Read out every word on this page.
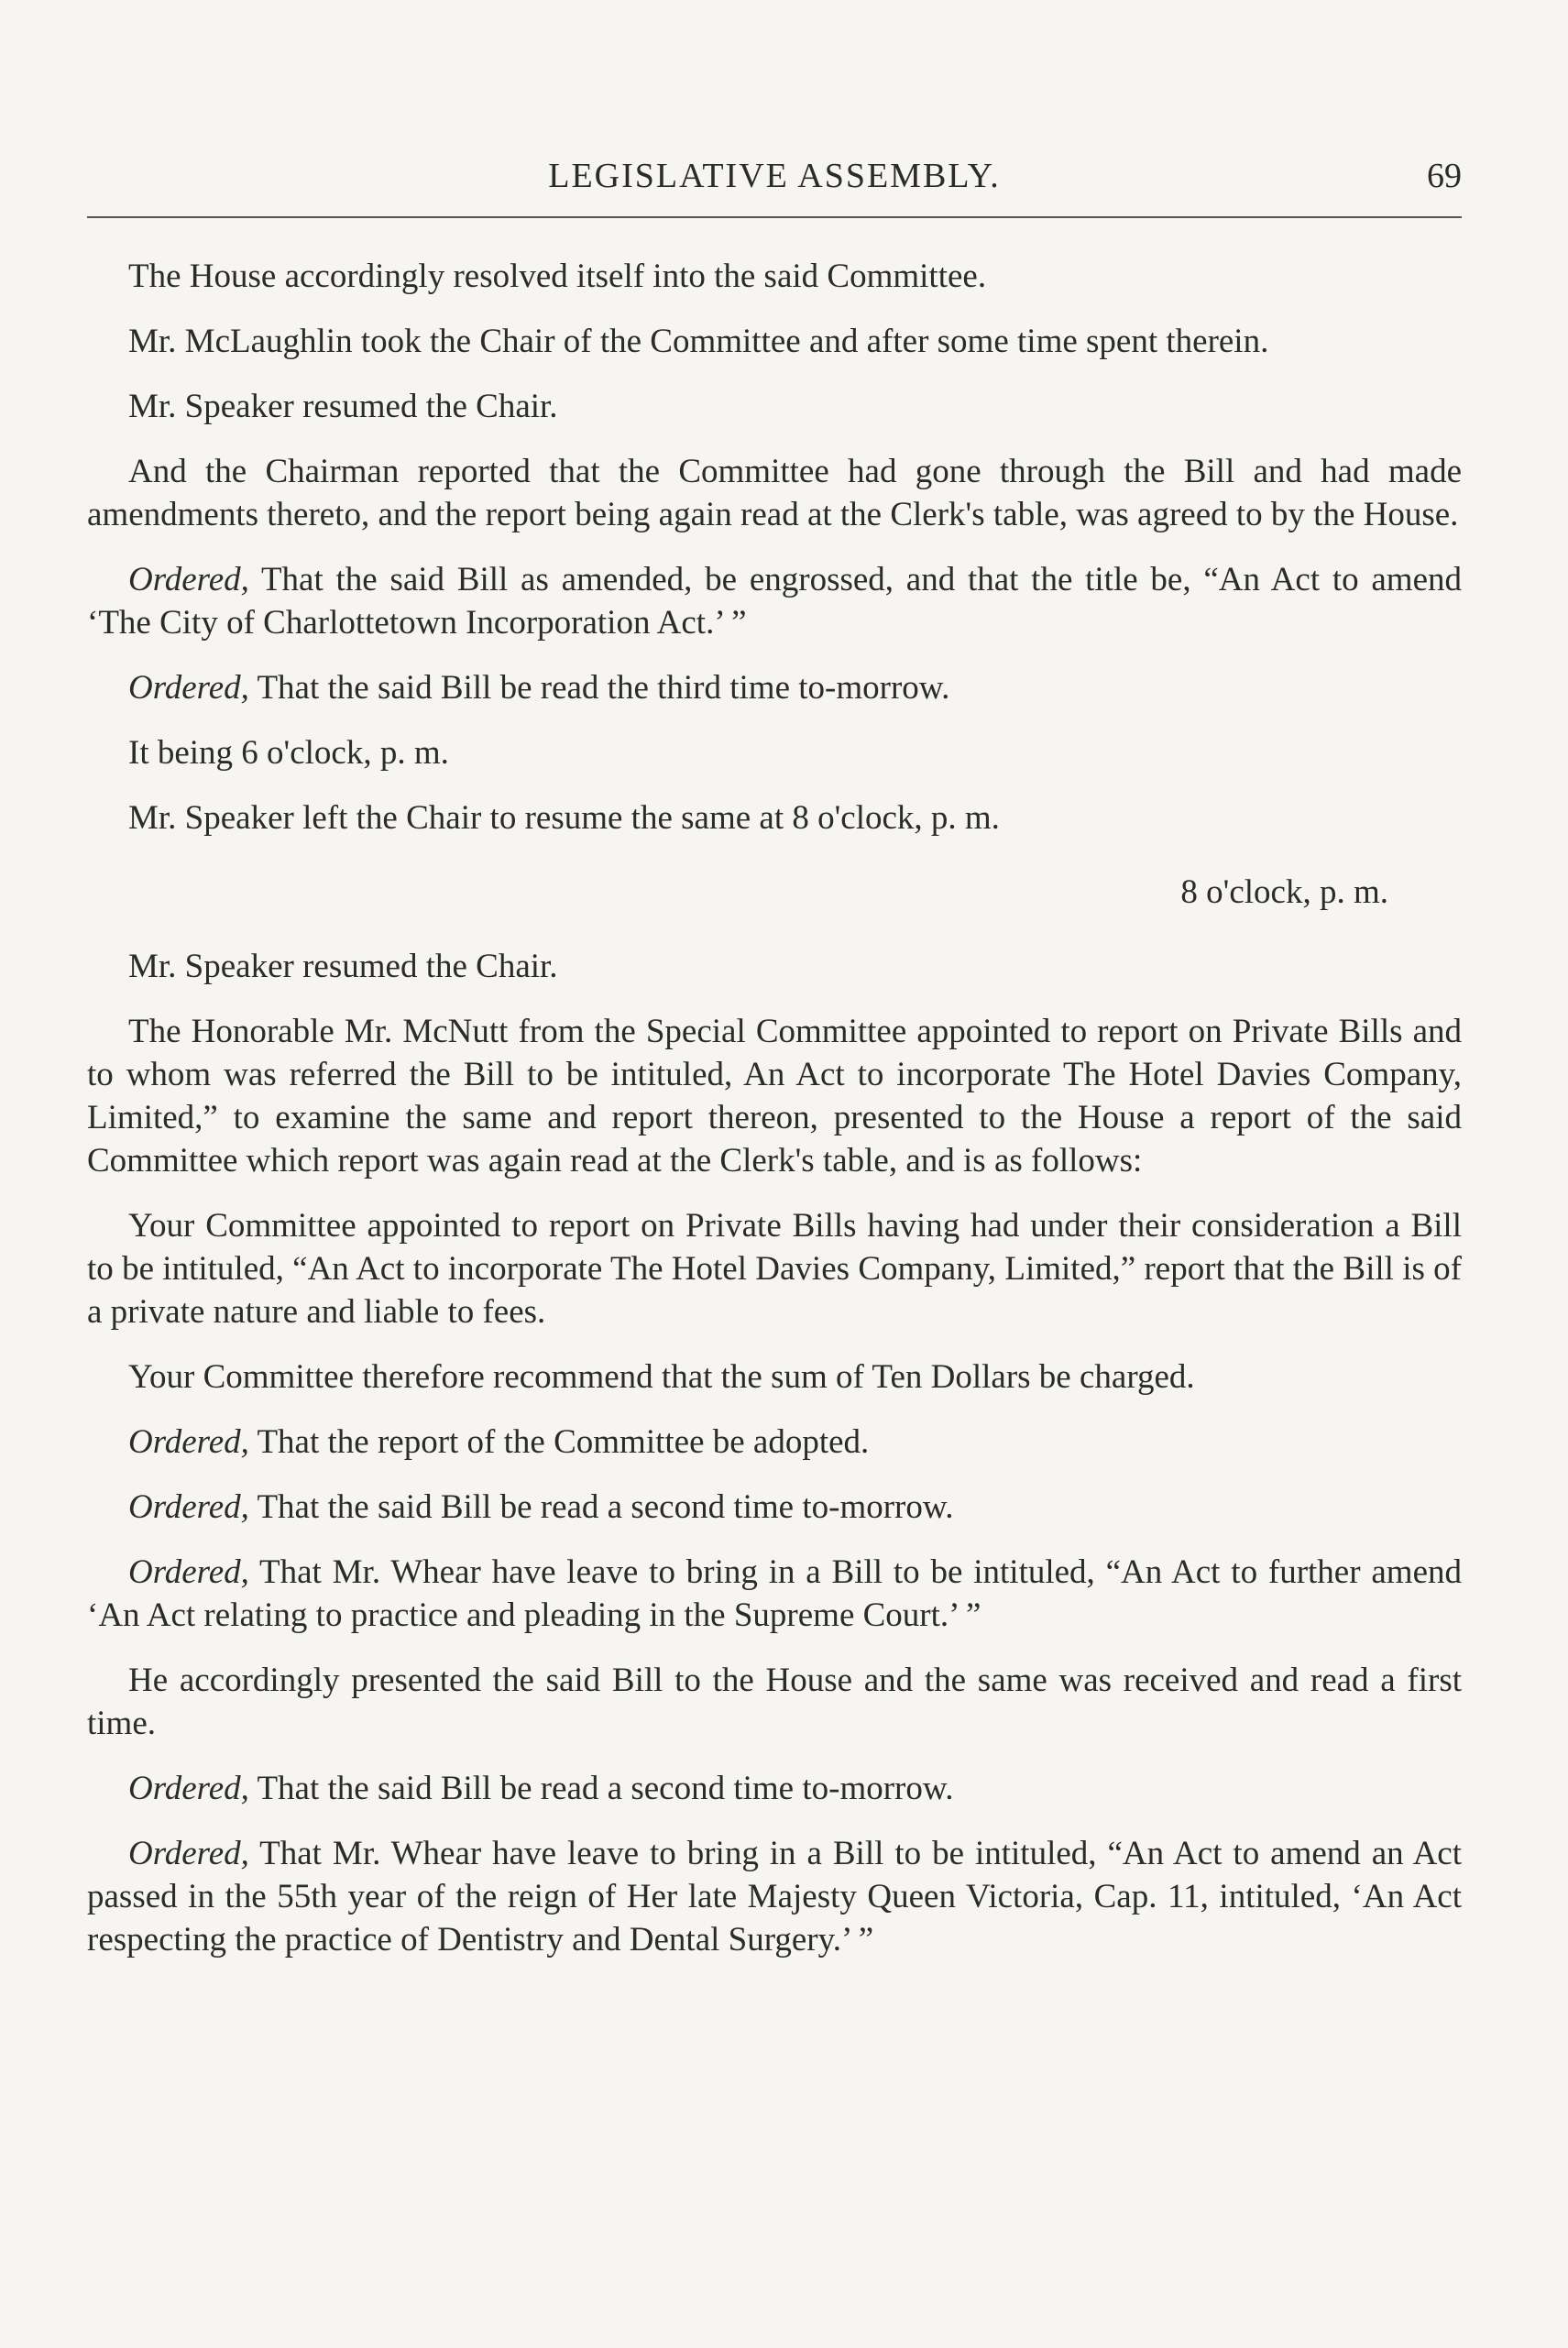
LEGISLATIVE ASSEMBLY.	69

The House accordingly resolved itself into the said Committee.

Mr. McLaughlin took the Chair of the Committee and after some time spent therein.

Mr. Speaker resumed the Chair.

And the Chairman reported that the Committee had gone through the Bill and had made amendments thereto, and the report being again read at the Clerk's table, was agreed to by the House.

Ordered, That the said Bill as amended, be engrossed, and that the title be, “An Act to amend ‘The City of Charlottetown Incorporation Act.’ ”

Ordered, That the said Bill be read the third time to-morrow.

It being 6 o'clock, p. m.

Mr. Speaker left the Chair to resume the same at 8 o'clock, p. m.

8 o'clock, p. m.

Mr. Speaker resumed the Chair.

The Honorable Mr. McNutt from the Special Committee appointed to report on Private Bills and to whom was referred the Bill to be intituled, An Act to incorporate The Hotel Davies Company, Limited,” to examine the same and report thereon, presented to the House a report of the said Committee which report was again read at the Clerk's table, and is as follows:

Your Committee appointed to report on Private Bills having had under their consideration a Bill to be intituled, “An Act to incorporate The Hotel Davies Company, Limited,” report that the Bill is of a private nature and liable to fees.

Your Committee therefore recommend that the sum of Ten Dollars be charged.

Ordered, That the report of the Committee be adopted.

Ordered, That the said Bill be read a second time to-morrow.

Ordered, That Mr. Whear have leave to bring in a Bill to be intituled, “An Act to further amend ‘An Act relating to practice and pleading in the Supreme Court.’ ”

He accordingly presented the said Bill to the House and the same was received and read a first time.

Ordered, That the said Bill be read a second time to-morrow.

Ordered, That Mr. Whear have leave to bring in a Bill to be intituled, “An Act to amend an Act passed in the 55th year of the reign of Her late Majesty Queen Victoria, Cap. 11, intituled, ‘An Act respecting the practice of Dentistry and Dental Surgery.’ ”
